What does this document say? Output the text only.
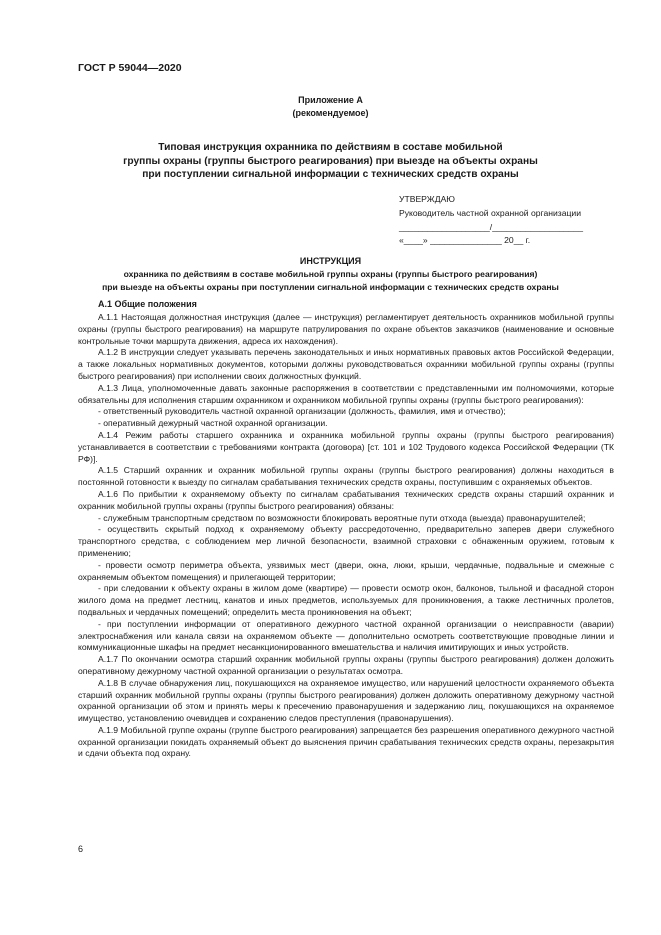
ГОСТ Р 59044—2020
Приложение А
(рекомендуемое)
Типовая инструкция охранника по действиям в составе мобильной
группы охраны (группы быстрого реагирования) при выезде на объекты охраны
при поступлении сигнальной информации с технических средств охраны
УТВЕРЖДАЮ
Руководитель частной охранной организации
___________________/___________________
«____» _______________ 20__ г.
ИНСТРУКЦИЯ
охранника по действиям в составе мобильной группы охраны (группы быстрого реагирования)
при выезде на объекты охраны при поступлении сигнальной информации с технических средств охраны
А.1 Общие положения

А.1.1 Настоящая должностная инструкция (далее — инструкция) регламентирует деятельность охранников мобильной группы охраны (группы быстрого реагирования) на маршруте патрулирования по охране объектов заказчиков (наименование и основные контрольные точки маршрута движения, адреса их нахождения).

А.1.2 В инструкции следует указывать перечень законодательных и иных нормативных правовых актов Российской Федерации, а также локальных нормативных документов, которыми должны руководствоваться охранники мобильной группы охраны (группы быстрого реагирования) при исполнении своих должностных функций.

А.1.3 Лица, уполномоченные давать законные распоряжения в соответствии с представленными им полномочиями, которые обязательны для исполнения старшим охранником и охранником мобильной группы охраны (группы быстрого реагирования):

- ответственный руководитель частной охранной организации (должность, фамилия, имя и отчество);

- оперативный дежурный частной охранной организации.

А.1.4 Режим работы старшего охранника и охранника мобильной группы охраны (группы быстрого реагирования) устанавливается в соответствии с требованиями контракта (договора) [ст. 101 и 102 Трудового кодекса Российской Федерации (ТК РФ)].

А.1.5 Старший охранник и охранник мобильной группы охраны (группы быстрого реагирования) должны находиться в постоянной готовности к выезду по сигналам срабатывания технических средств охраны, поступившим с охраняемых объектов.

А.1.6 По прибытии к охраняемому объекту по сигналам срабатывания технических средств охраны старший охранник и охранник мобильной группы охраны (группы быстрого реагирования) обязаны:

- служебным транспортным средством по возможности блокировать вероятные пути отхода (выезда) правонарушителей;

- осуществить скрытый подход к охраняемому объекту рассредоточенно, предварительно заперев двери служебного транспортного средства, с соблюдением мер личной безопасности, взаимной страховки с обнаженным оружием, готовым к применению;

- провести осмотр периметра объекта, уязвимых мест (двери, окна, люки, крыши, чердачные, подвальные и смежные с охраняемым объектом помещения) и прилегающей территории;

- при следовании к объекту охраны в жилом доме (квартире) — провести осмотр окон, балконов, тыльной и фасадной сторон жилого дома на предмет лестниц, канатов и иных предметов, используемых для проникновения, а также лестничных пролетов, подвальных и чердачных помещений; определить места проникновения на объект;

- при поступлении информации от оперативного дежурного частной охранной организации о неисправности (аварии) электроснабжения или канала связи на охраняемом объекте — дополнительно осмотреть соответствующие проводные линии и коммуникационные шкафы на предмет несанкционированного вмешательства и наличия имитирующих и иных устройств.

А.1.7 По окончании осмотра старший охранник мобильной группы охраны (группы быстрого реагирования) должен доложить оперативному дежурному частной охранной организации о результатах осмотра.

А.1.8 В случае обнаружения лиц, покушающихся на охраняемое имущество, или нарушений целостности охраняемого объекта старший охранник мобильной группы охраны (группы быстрого реагирования) должен доложить оперативному дежурному частной охранной организации об этом и принять меры к пресечению правонарушения и задержанию лиц, покушающихся на охраняемое имущество, установлению очевидцев и сохранению следов преступления (правонарушения).

А.1.9 Мобильной группе охраны (группе быстрого реагирования) запрещается без разрешения оперативного дежурного частной охранной организации покидать охраняемый объект до выяснения причин срабатывания технических средств охраны, перезакрытия и сдачи объекта под охрану.

6
